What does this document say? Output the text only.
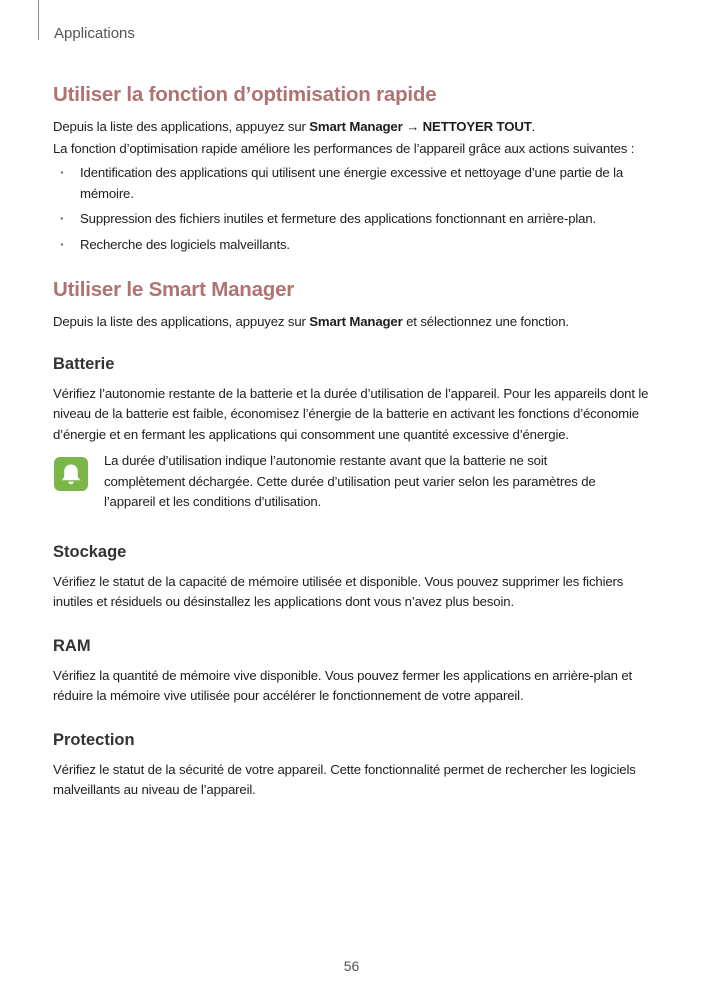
Applications
Utiliser la fonction d’optimisation rapide

Depuis la liste des applications, appuyez sur Smart Manager → NETTOYER TOUT.

La fonction d’optimisation rapide améliore les performances de l’appareil grâce aux actions suivantes :

· Identification des applications qui utilisent une énergie excessive et nettoyage d’une partie de la mémoire.
· Suppression des fichiers inutiles et fermeture des applications fonctionnant en arrière-plan.
· Recherche des logiciels malveillants.
Utiliser le Smart Manager

Depuis la liste des applications, appuyez sur Smart Manager et sélectionnez une fonction.

Batterie

Vérifiez l’autonomie restante de la batterie et la durée d’utilisation de l’appareil. Pour les appareils dont le niveau de la batterie est faible, économisez l’énergie de la batterie en activant les fonctions d’économie d’énergie et en fermant les applications qui consomment une quantité excessive d’énergie.

La durée d’utilisation indique l’autonomie restante avant que la batterie ne soit complètement déchargée. Cette durée d’utilisation peut varier selon les paramètres de l’appareil et les conditions d’utilisation.

Stockage

Vérifiez le statut de la capacité de mémoire utilisée et disponible. Vous pouvez supprimer les fichiers inutiles et résiduels ou désinstallez les applications dont vous n’avez plus besoin.

RAM

Vérifiez la quantité de mémoire vive disponible. Vous pouvez fermer les applications en arrière-plan et réduire la mémoire vive utilisée pour accélérer le fonctionnement de votre appareil.

Protection

Vérifiez le statut de la sécurité de votre appareil. Cette fonctionnalité permet de rechercher les logiciels malveillants au niveau de l’appareil.

56
